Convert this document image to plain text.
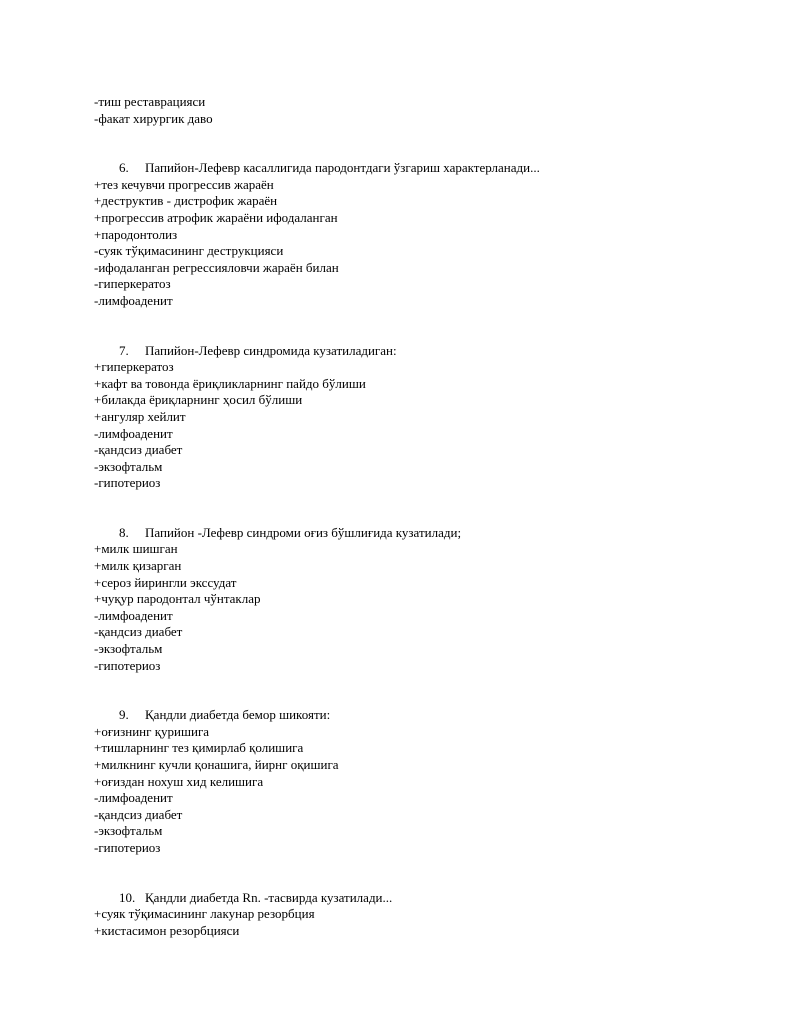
-тиш реставрацияси
-факат хирургик даво
6. Папийон-Лефевр касаллигида пародонтдаги ўзгариш характерланади...
+тез кечувчи прогрессив жараён
+деструктив - дистрофик жараён
+прогрессив атрофик жараёни ифодаланган
+пародонтолиз
-суяк тўқимасининг деструкцияси
-ифодаланган регрессияловчи жараён билан
-гиперкератоз
-лимфоаденит
7. Папийон-Лефевр синдромида кузатиладиган:
+гиперкератоз
+кафт ва товонда ёриқликларнинг пайдо бўлиши
+билакда ёриқларнинг ҳосил бўлиши
+ангуляр хейлит
-лимфоаденит
-қандсиз диабет
-экзофтальм
-гипотериоз
8. Папийон -Лефевр синдроми оғиз бўшлиғида кузатилади;
+милк шишган
+милк қизарган
+сероз йирингли экссудат
+чуқур пародонтал чўнтаклар
-лимфоаденит
-қандсиз диабет
-экзофтальм
-гипотериоз
9. Қандли диабетда бемор шикояти:
+оғизнинг қуришига
+тишларнинг тез қимирлаб қолишига
+милкнинг кучли қонашига, йирнг оқишига
+оғиздан нохуш хид келишига
-лимфоаденит
-қандсиз диабет
-экзофтальм
-гипотериоз
10. Қандли диабетда Rn. -тасвирда кузатилади...
+суяк тўқимасининг лакунар резорбция
+кистасимон резорбцияси
